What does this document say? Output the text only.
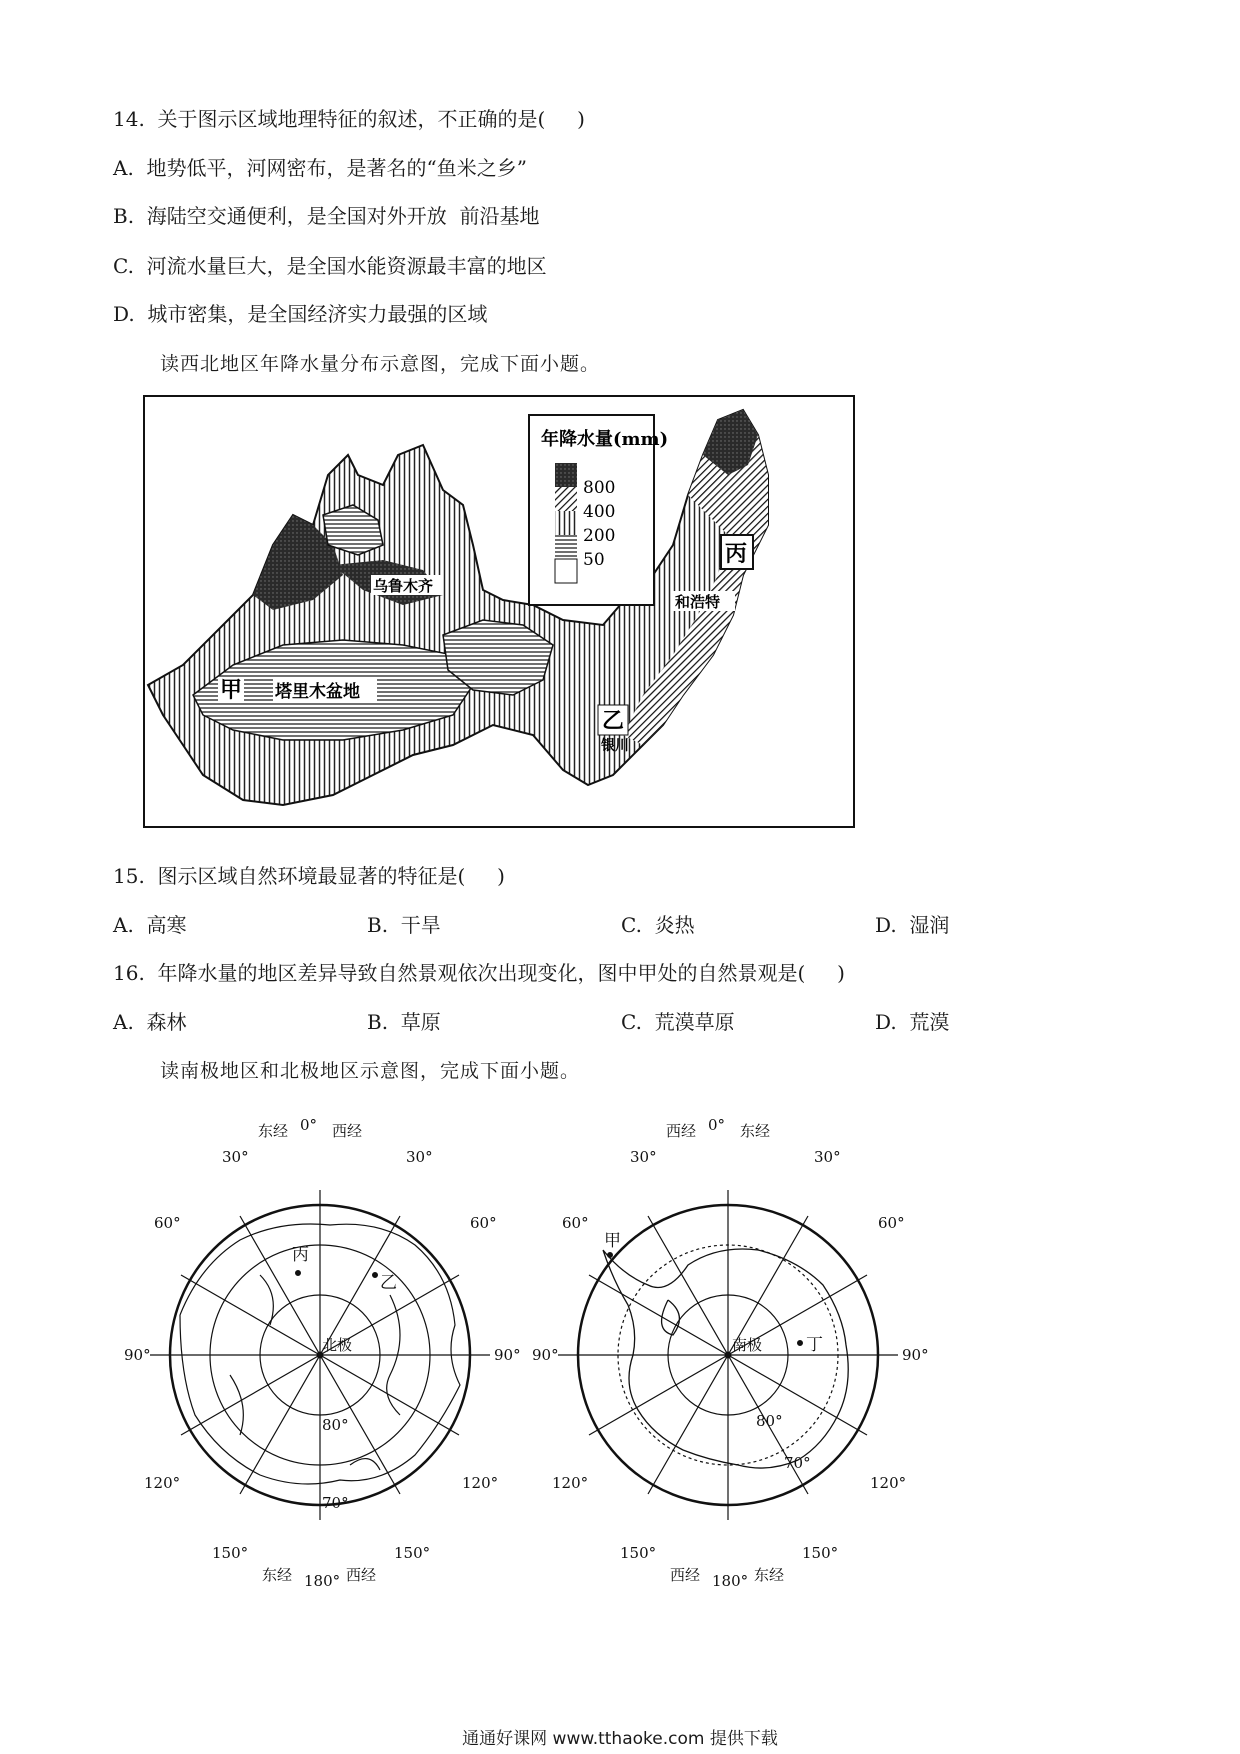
14.  关于图示区域地理特征的叙述，不正确的是(     )
A.  地势低平，河网密布，是著名的“鱼米之乡”
B.  海陆空交通便利，是全国对外开放  前沿基地
C.  河流水量巨大，是全国水能资源最丰富的地区
D.  城市密集，是全国经济实力最强的区域
读西北地区年降水量分布示意图，完成下面小题。
年降水量(mm)
800
400
200
50
甲 塔里木盆地
乌鲁木齐
乙
银川
丙
和浩特
15.  图示区域自然环境最显著的特征是(     )
A.  高寒	B.  干旱	C.  炎热	D.  湿润
16.  年降水量的地区差异导致自然景观依次出现变化，图中甲处的自然景观是(     )
A.  森林	B.  草原	C.  荒漠草原	D.  荒漠
读南极地区和北极地区示意图，完成下面小题。
东经 0° 西经
30°	30°
60°	60°
90°	90°
120°	120°
150°	150°
东经 180° 西经
北极
80°
70°
丙
乙
西经 0° 东经
30°	30°
60°	60°
90°	90°
120°	120°
150°	150°
西经 180° 东经
南极
80°
70°
甲
丁
通通好课网 www.tthaoke.com 提供下载
